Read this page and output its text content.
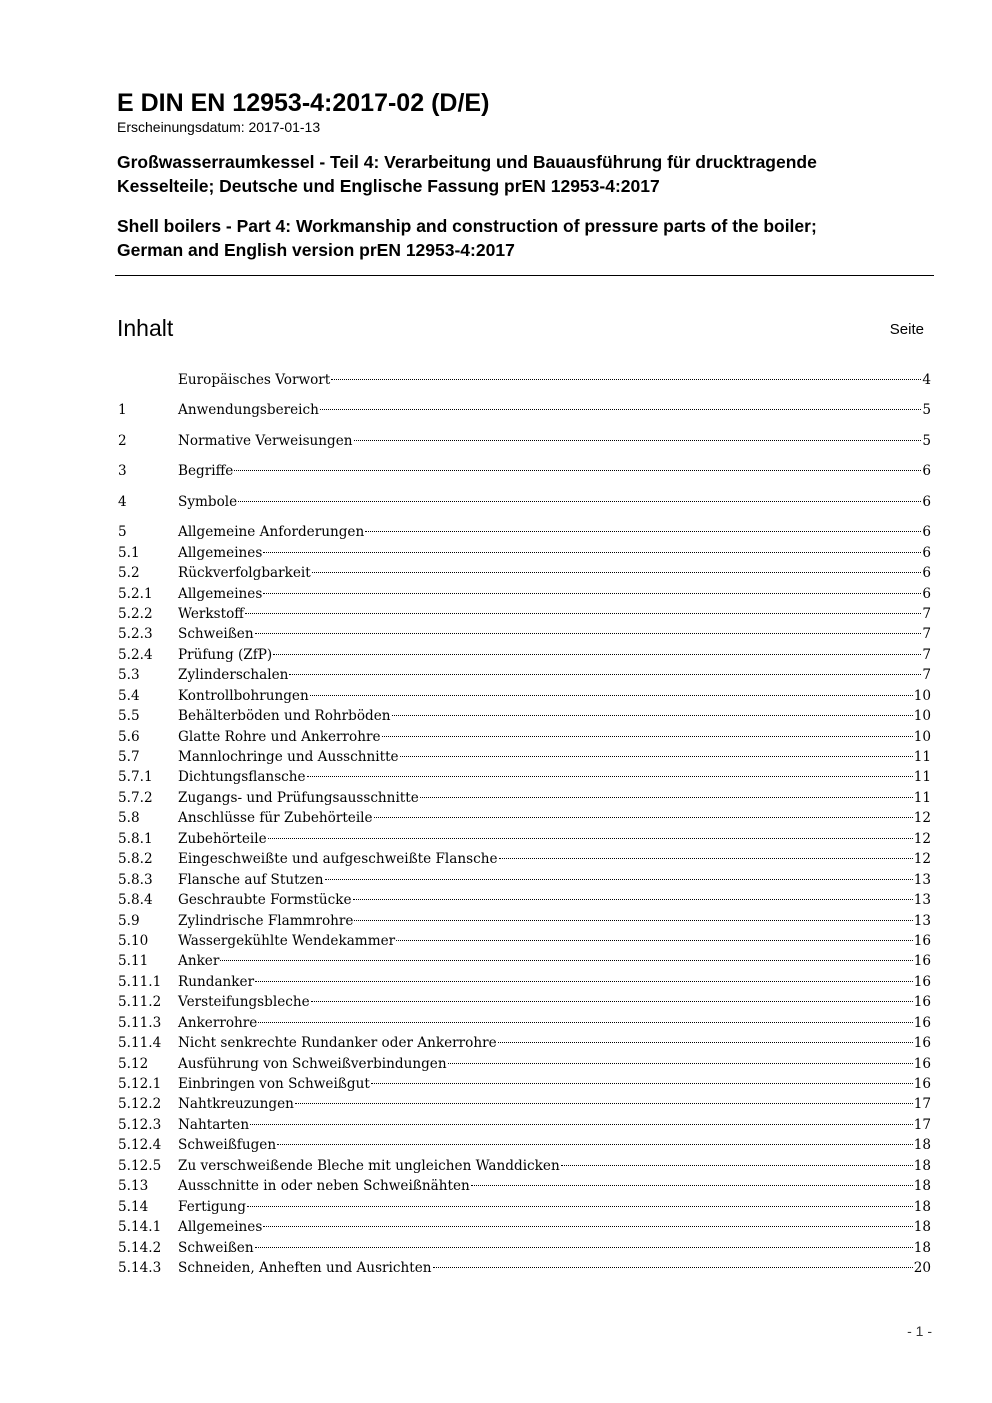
E DIN EN 12953-4:2017-02 (D/E)
Erscheinungsdatum: 2017-01-13
Großwasserraumkessel - Teil 4: Verarbeitung und Bauausführung für drucktragende
Kesselteile; Deutsche und Englische Fassung prEN 12953-4:2017
Shell boilers - Part 4: Workmanship and construction of pressure parts of the boiler;
German and English version prEN 12953-4:2017
Inhalt	Seite
Europäisches Vorwort	4
1	Anwendungsbereich	5
2	Normative Verweisungen	5
3	Begriffe	6
4	Symbole	6
5	Allgemeine Anforderungen	6
5.1	Allgemeines	6
5.2	Rückverfolgbarkeit	6
5.2.1	Allgemeines	6
5.2.2	Werkstoff	7
5.2.3	Schweißen	7
5.2.4	Prüfung (ZfP)	7
5.3	Zylinderschalen	7
5.4	Kontrollbohrungen	10
5.5	Behälterböden und Rohrböden	10
5.6	Glatte Rohre und Ankerrohre	10
5.7	Mannlochringe und Ausschnitte	11
5.7.1	Dichtungsflansche	11
5.7.2	Zugangs- und Prüfungsausschnitte	11
5.8	Anschlüsse für Zubehörteile	12
5.8.1	Zubehörteile	12
5.8.2	Eingeschweißte und aufgeschweißte Flansche	12
5.8.3	Flansche auf Stutzen	13
5.8.4	Geschraubte Formstücke	13
5.9	Zylindrische Flammrohre	13
5.10	Wassergekühlte Wendekammer	16
5.11	Anker	16
5.11.1	Rundanker	16
5.11.2	Versteifungsbleche	16
5.11.3	Ankerrohre	16
5.11.4	Nicht senkrechte Rundanker oder Ankerrohre	16
5.12	Ausführung von Schweißverbindungen	16
5.12.1	Einbringen von Schweißgut	16
5.12.2	Nahtkreuzungen	17
5.12.3	Nahtarten	17
5.12.4	Schweißfugen	18
5.12.5	Zu verschweißende Bleche mit ungleichen Wanddicken	18
5.13	Ausschnitte in oder neben Schweißnähten	18
5.14	Fertigung	18
5.14.1	Allgemeines	18
5.14.2	Schweißen	18
5.14.3	Schneiden, Anheften und Ausrichten	20
- 1 -
